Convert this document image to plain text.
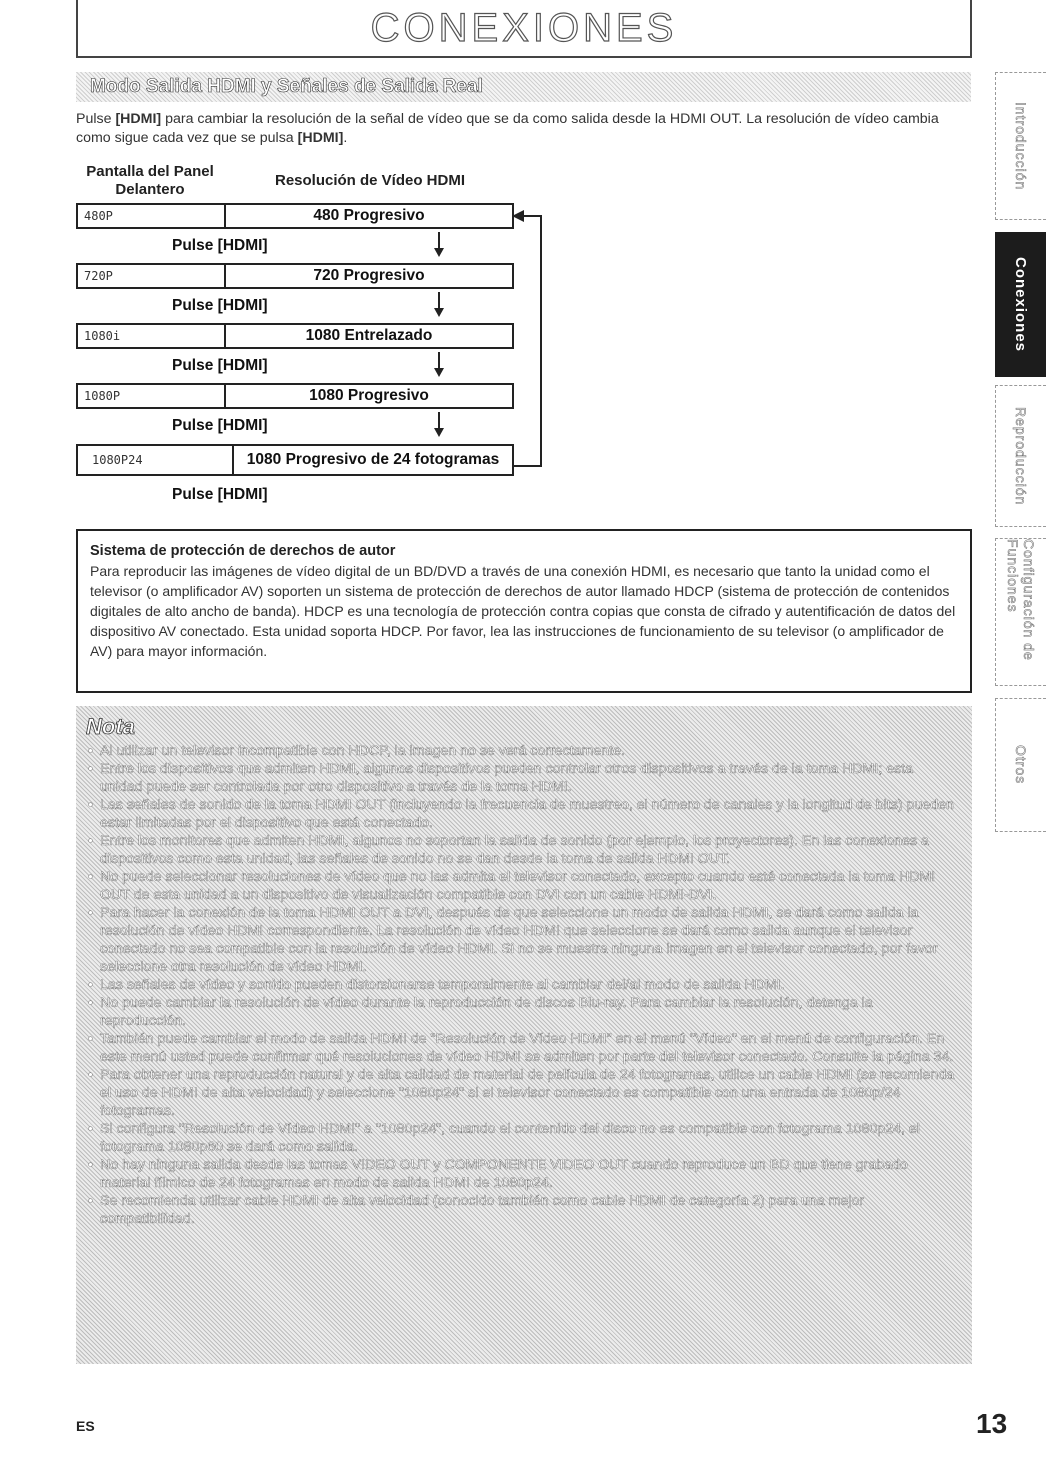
CONEXIONES
Modo Salida HDMI y Señales de Salida Real
Pulse [HDMI] para cambiar la resolución de la señal de vídeo que se da como salida desde la HDMI OUT. La resolución de vídeo cambia como sigue cada vez que se pulsa [HDMI].
Pantalla del Panel Delantero
Resolución de Vídeo HDMI
480P	480 Progresivo
Pulse [HDMI]
720P	720 Progresivo
Pulse [HDMI]
1080i	1080 Entrelazado
Pulse [HDMI]
1080P	1080 Progresivo
Pulse [HDMI]
1080P24	1080 Progresivo de 24 fotogramas
Pulse [HDMI]
Sistema de protección de derechos de autor
Para reproducir las imágenes de vídeo digital de un BD/DVD a través de una conexión HDMI, es necesario que tanto la unidad como el televisor (o amplificador AV) soporten un sistema de protección de derechos de autor llamado HDCP (sistema de protección de contenidos digitales de alto ancho de banda). HDCP es una tecnología de protección contra copias que consta de cifrado y autentificación de datos del dispositivo AV conectado. Esta unidad soporta HDCP. Por favor, lea las instrucciones de funcionamiento de su televisor (o amplificador de AV) para mayor información.
Nota
• Al utilizar un televisor incompatible con HDCP, la imagen no se verá correctamente.
• Entre los dispositivos que admiten HDMI, algunos dispositivos pueden controlar otros dispositivos a través de la toma HDMI; esta unidad puede ser controlada por otro dispositivo a través de la toma HDMI.
• Las señales de sonido de la toma HDMI OUT (incluyendo la frecuencia de muestreo, el número de canales y la longitud de bits) pueden estar limitadas por el dispositivo que está conectado.
• Entre los monitores que admiten HDMI, algunos no soportan la salida de sonido (por ejemplo, los proyectores). En las conexiones a dispositivos como esta unidad, las señales de sonido no se dan desde la toma de salida HDMI OUT.
• No puede seleccionar resoluciones de vídeo que no las admita el televisor conectado, excepto cuando esté conectada la toma HDMI OUT de esta unidad a un dispositivo de visualización compatible con DVI con un cable HDMI-DVI.
• Para hacer la conexión de la toma HDMI OUT a DVI, después de que seleccione un modo de salida HDMI, se dará como salida la resolución de vídeo HDMI correspondiente. La resolución de vídeo HDMI que seleccione se dará como salida aunque el televisor conectado no sea compatible con la resolución de vídeo HDMI. Si no se muestra ninguna imagen en el televisor conectado, por favor seleccione otra resolución de vídeo HDMI.
• Las señales de vídeo y sonido pueden distorsionarse temporalmente al cambiar del/al modo de salida HDMI.
• No puede cambiar la resolución de vídeo durante la reproducción de discos Blu-ray. Para cambiar la resolución, detenga la reproducción.
• También puede cambiar el modo de salida HDMI de "Resolución de Vídeo HDMI" en el menú "Vídeo" en el menú de configuración. En este menú usted puede confirmar qué resoluciones de vídeo HDMI se admiten por parte del televisor conectado. Consulte la página 34.
• Para obtener una reproducción natural y de alta calidad de material de película de 24 fotogramas, utilice un cable HDMI (se recomienda el uso de HDMI de alta velocidad) y seleccione "1080p24" si el televisor conectado es compatible con una entrada de 1080p/24 fotogramas.
• Si configura "Resolución de Vídeo HDMI" a "1080p24", cuando el contenido del disco no es compatible con fotograma 1080p24, el fotograma 1080p60 se dará como salida.
• No hay ninguna salida desde las tomas VIDEO OUT y COMPONENTE VIDEO OUT cuando reproduce un BD que tiene grabado material fílmico de 24 fotogramas en modo de salida HDMI de 1080p24.
• Se recomienda utilizar cable HDMI de alta velocidad (conocido también como cable HDMI de categoría 2) para una mejor compatibilidad.
Introducción
Conexiones
Reproducción
Configuración de Funciones
Otros
ES	13
